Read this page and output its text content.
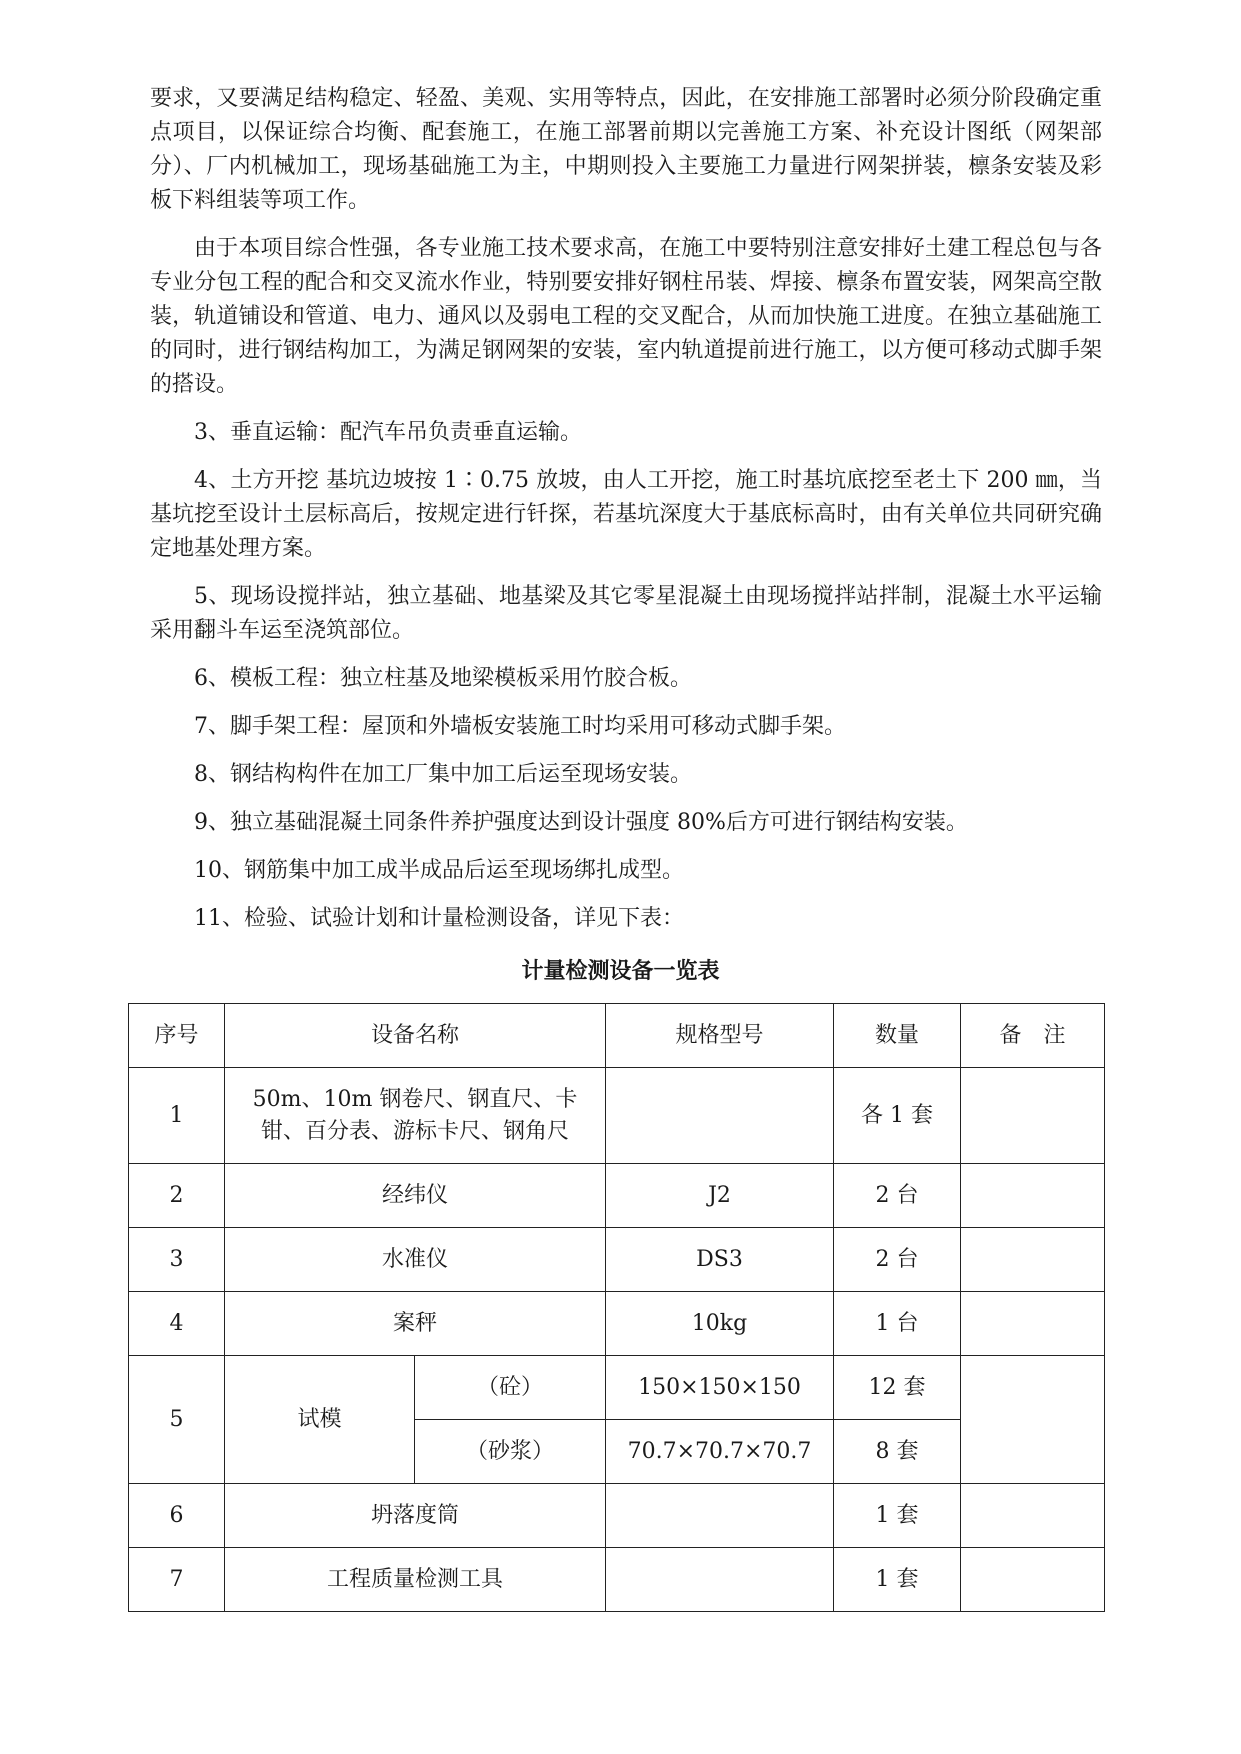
要求，又要满足结构稳定、轻盈、美观、实用等特点，因此，在安排施工部署时必须分阶段确定重点项目，以保证综合均衡、配套施工，在施工部署前期以完善施工方案、补充设计图纸（网架部分）、厂内机械加工，现场基础施工为主，中期则投入主要施工力量进行网架拼装，檩条安装及彩板下料组装等项工作。

由于本项目综合性强，各专业施工技术要求高，在施工中要特别注意安排好土建工程总包与各专业分包工程的配合和交叉流水作业，特别要安排好钢柱吊装、焊接、檩条布置安装，网架高空散装，轨道铺设和管道、电力、通风以及弱电工程的交叉配合，从而加快施工进度。在独立基础施工的同时，进行钢结构加工，为满足钢网架的安装，室内轨道提前进行施工，以方便可移动式脚手架的搭设。

3、垂直运输：配汽车吊负责垂直运输。

4、土方开挖 基坑边坡按 1∶0.75 放坡，由人工开挖，施工时基坑底挖至老土下 200 ㎜，当基坑挖至设计土层标高后，按规定进行钎探，若基坑深度大于基底标高时，由有关单位共同研究确定地基处理方案。

5、现场设搅拌站，独立基础、地基梁及其它零星混凝土由现场搅拌站拌制，混凝土水平运输采用翻斗车运至浇筑部位。

6、模板工程：独立柱基及地梁模板采用竹胶合板。

7、脚手架工程：屋顶和外墙板安装施工时均采用可移动式脚手架。

8、钢结构构件在加工厂集中加工后运至现场安装。

9、独立基础混凝土同条件养护强度达到设计强度 80%后方可进行钢结构安装。

10、钢筋集中加工成半成品后运至现场绑扎成型。

11、检验、试验计划和计量检测设备，详见下表：

计量检测设备一览表
序号	设备名称		规格型号	数量	备　注
1	50m、10m 钢卷尺、钢直尺、卡钳、百分表、游标卡尺、钢角尺			各 1 套	
2	经纬仪		J2	2 台	
3	水准仪		DS3	2 台	
4	案秤		10kg	1 台	
5	试模	（砼）	150×150×150	12 套	
		（砂浆）	70.7×70.7×70.7	8 套	
6	坍落度筒			1 套	
7	工程质量检测工具			1 套	
